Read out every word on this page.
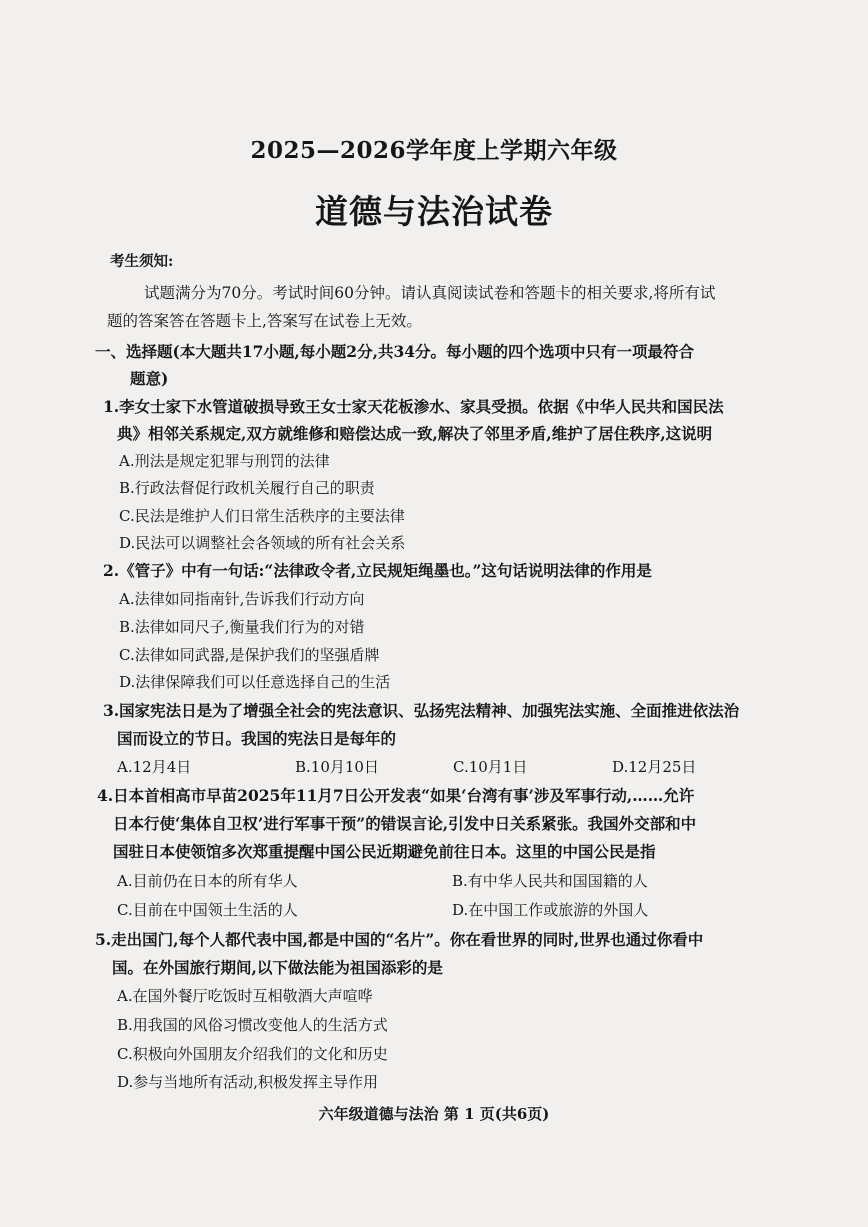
2025—2026学年度上学期六年级
道德与法治试卷
考生须知:
试题满分为70分。考试时间60分钟。请认真阅读试卷和答题卡的相关要求,将所有试
题的答案答在答题卡上,答案写在试卷上无效。
一、选择题(本大题共17小题,每小题2分,共34分。每小题的四个选项中只有一项最符合
题意)
1.李女士家下水管道破损导致王女士家天花板渗水、家具受损。依据《中华人民共和国民法
典》相邻关系规定,双方就维修和赔偿达成一致,解决了邻里矛盾,维护了居住秩序,这说明
A.刑法是规定犯罪与刑罚的法律
B.行政法督促行政机关履行自己的职责
C.民法是维护人们日常生活秩序的主要法律
D.民法可以调整社会各领域的所有社会关系
2.《管子》中有一句话:“法律政令者,立民规矩绳墨也。”这句话说明法律的作用是
A.法律如同指南针,告诉我们行动方向
B.法律如同尺子,衡量我们行为的对错
C.法律如同武器,是保护我们的坚强盾牌
D.法律保障我们可以任意选择自己的生活
3.国家宪法日是为了增强全社会的宪法意识、弘扬宪法精神、加强宪法实施、全面推进依法治
国而设立的节日。我国的宪法日是每年的
A.12月4日	B.10月10日	C.10月1日	D.12月25日
4.日本首相高市早苗2025年11月7日公开发表“如果‘台湾有事’涉及军事行动,……允许
日本行使‘集体自卫权’进行军事干预”的错误言论,引发中日关系紧张。我国外交部和中
国驻日本使领馆多次郑重提醒中国公民近期避免前往日本。这里的中国公民是指
A.目前仍在日本的所有华人	B.有中华人民共和国国籍的人
C.目前在中国领土生活的人	D.在中国工作或旅游的外国人
5.走出国门,每个人都代表中国,都是中国的“名片”。你在看世界的同时,世界也通过你看中
国。在外国旅行期间,以下做法能为祖国添彩的是
A.在国外餐厅吃饭时互相敬酒大声喧哗
B.用我国的风俗习惯改变他人的生活方式
C.积极向外国朋友介绍我们的文化和历史
D.参与当地所有活动,积极发挥主导作用
六年级道德与法治 第 1 页(共6页)
